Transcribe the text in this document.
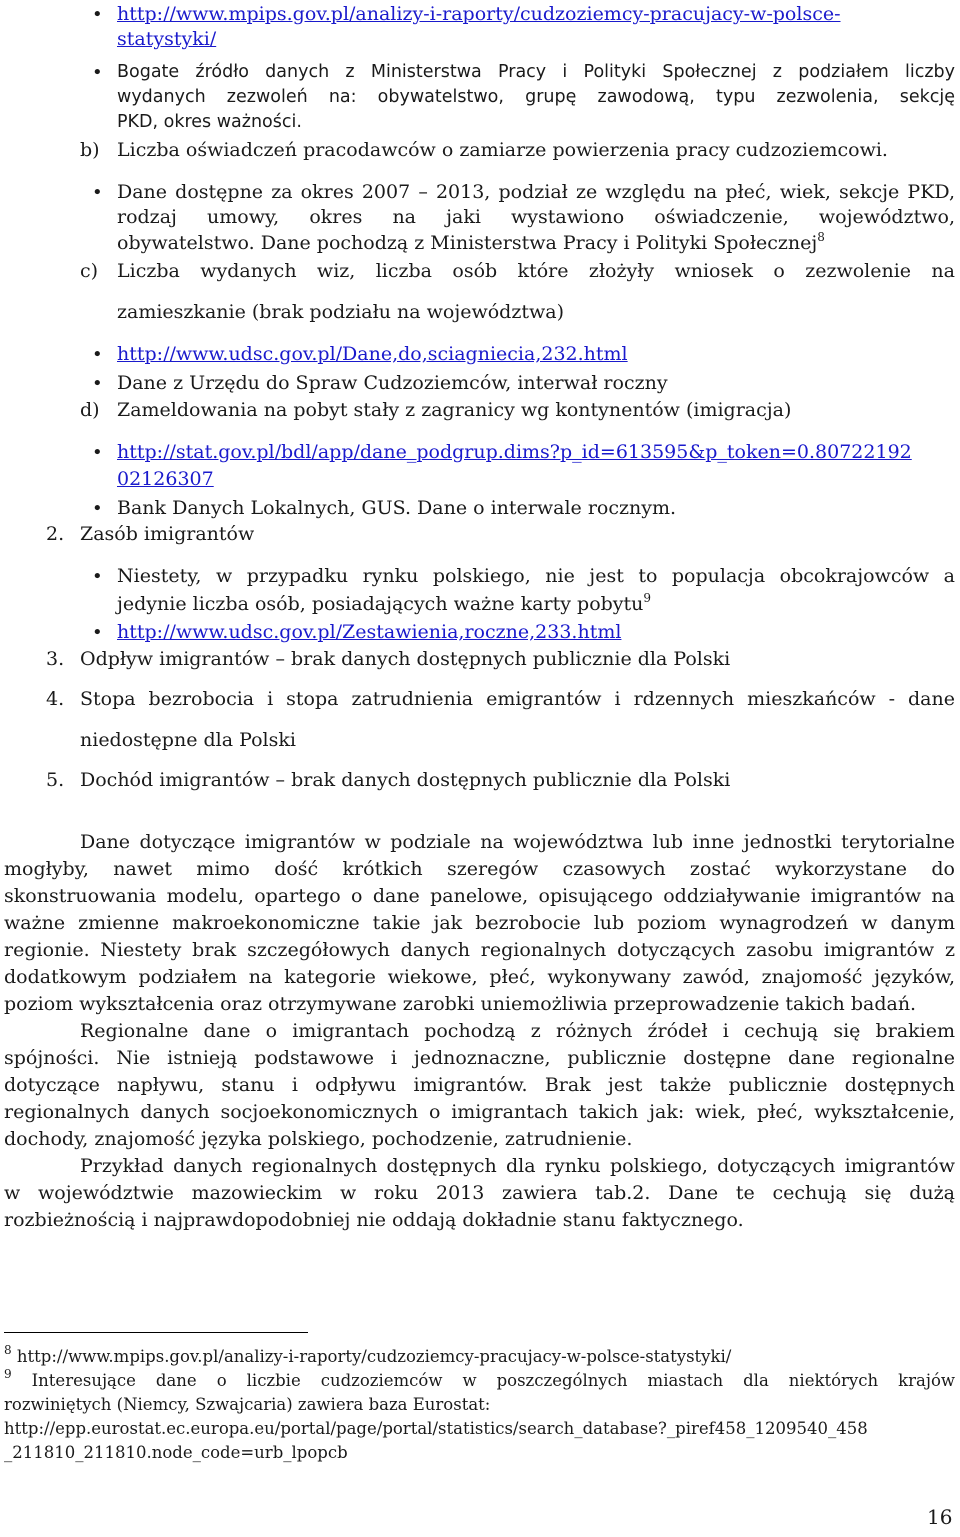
• http://www.mpips.gov.pl/analizy-i-raporty/cudzoziemcy-pracujacy-w-polsce-
statystyki/
• Bogate źródło danych z Ministerstwa Pracy i Polityki Społecznej z podziałem liczby
wydanych zezwoleń na: obywatelstwo, grupę zawodową, typu zezwolenia, sekcję
PKD, okres ważności.
b) Liczba oświadczeń pracodawców o zamiarze powierzenia pracy cudzoziemcowi.
• Dane dostępne za okres 2007 – 2013, podział ze względu na płeć, wiek, sekcje PKD,
rodzaj umowy, okres na jaki wystawiono oświadczenie, województwo,
obywatelstwo. Dane pochodzą z Ministerstwa Pracy i Polityki Społecznej$^8$
c) Liczba wydanych wiz, liczba osób które złożyły wniosek o zezwolenie na
zamieszkanie (brak podziału na województwa)
• http://www.udsc.gov.pl/Dane,do,sciagniecia,232.html
• Dane z Urzędu do Spraw Cudzoziemców, interwał roczny
d) Zameldowania na pobyt stały z zagranicy wg kontynentów (imigracja)
• http://stat.gov.pl/bdl/app/dane_podgrup.dims?p_id=613595&p_token=0.80722192
02126307
• Bank Danych Lokalnych, GUS. Dane o interwale rocznym.
2. Zasób imigrantów
• Niestety, w przypadku rynku polskiego, nie jest to populacja obcokrajowców a
jedynie liczba osób, posiadających ważne karty pobytu$^9$
• http://www.udsc.gov.pl/Zestawienia,roczne,233.html
3. Odpływ imigrantów – brak danych dostępnych publicznie dla Polski
4. Stopa bezrobocia i stopa zatrudnienia emigrantów i rdzennych mieszkańców - dane
niedostępne dla Polski
5. Dochód imigrantów – brak danych dostępnych publicznie dla Polski
Dane dotyczące imigrantów w podziale na województwa lub inne jednostki terytorialne
mogłyby, nawet mimo dość krótkich szeregów czasowych zostać wykorzystane do
skonstruowania modelu, opartego o dane panelowe, opisującego oddziaływanie imigrantów na
ważne zmienne makroekonomiczne takie jak bezrobocie lub poziom wynagrodzeń w danym
regionie. Niestety brak szczegółowych danych regionalnych dotyczących zasobu imigrantów z
dodatkowym podziałem na kategorie wiekowe, płeć, wykonywany zawód, znajomość języków,
poziom wykształcenia oraz otrzymywane zarobki uniemożliwia przeprowadzenie takich badań.
Regionalne dane o imigrantach pochodzą z różnych źródeł i cechują się brakiem
spójności. Nie istnieją podstawowe i jednoznaczne, publicznie dostępne dane regionalne
dotyczące napływu, stanu i odpływu imigrantów. Brak jest także publicznie dostępnych
regionalnych danych socjoekonomicznych o imigrantach takich jak: wiek, płeć, wykształcenie,
dochody, znajomość języka polskiego, pochodzenie, zatrudnienie.
Przykład danych regionalnych dostępnych dla rynku polskiego, dotyczących imigrantów
w województwie mazowieckim w roku 2013 zawiera tab.2. Dane te cechują się dużą
rozbieżnością i najprawdopodobniej nie oddają dokładnie stanu faktycznego.
$^8$ http://www.mpips.gov.pl/analizy-i-raporty/cudzoziemcy-pracujacy-w-polsce-statystyki/
$^9$ Interesujące dane o liczbie cudzoziemców w poszczególnych miastach dla niektórych krajów
rozwiniętych (Niemcy, Szwajcaria) zawiera baza Eurostat:
http://epp.eurostat.ec.europa.eu/portal/page/portal/statistics/search_database?_piref458_1209540_458
_211810_211810.node_code=urb_lpopcb
16
